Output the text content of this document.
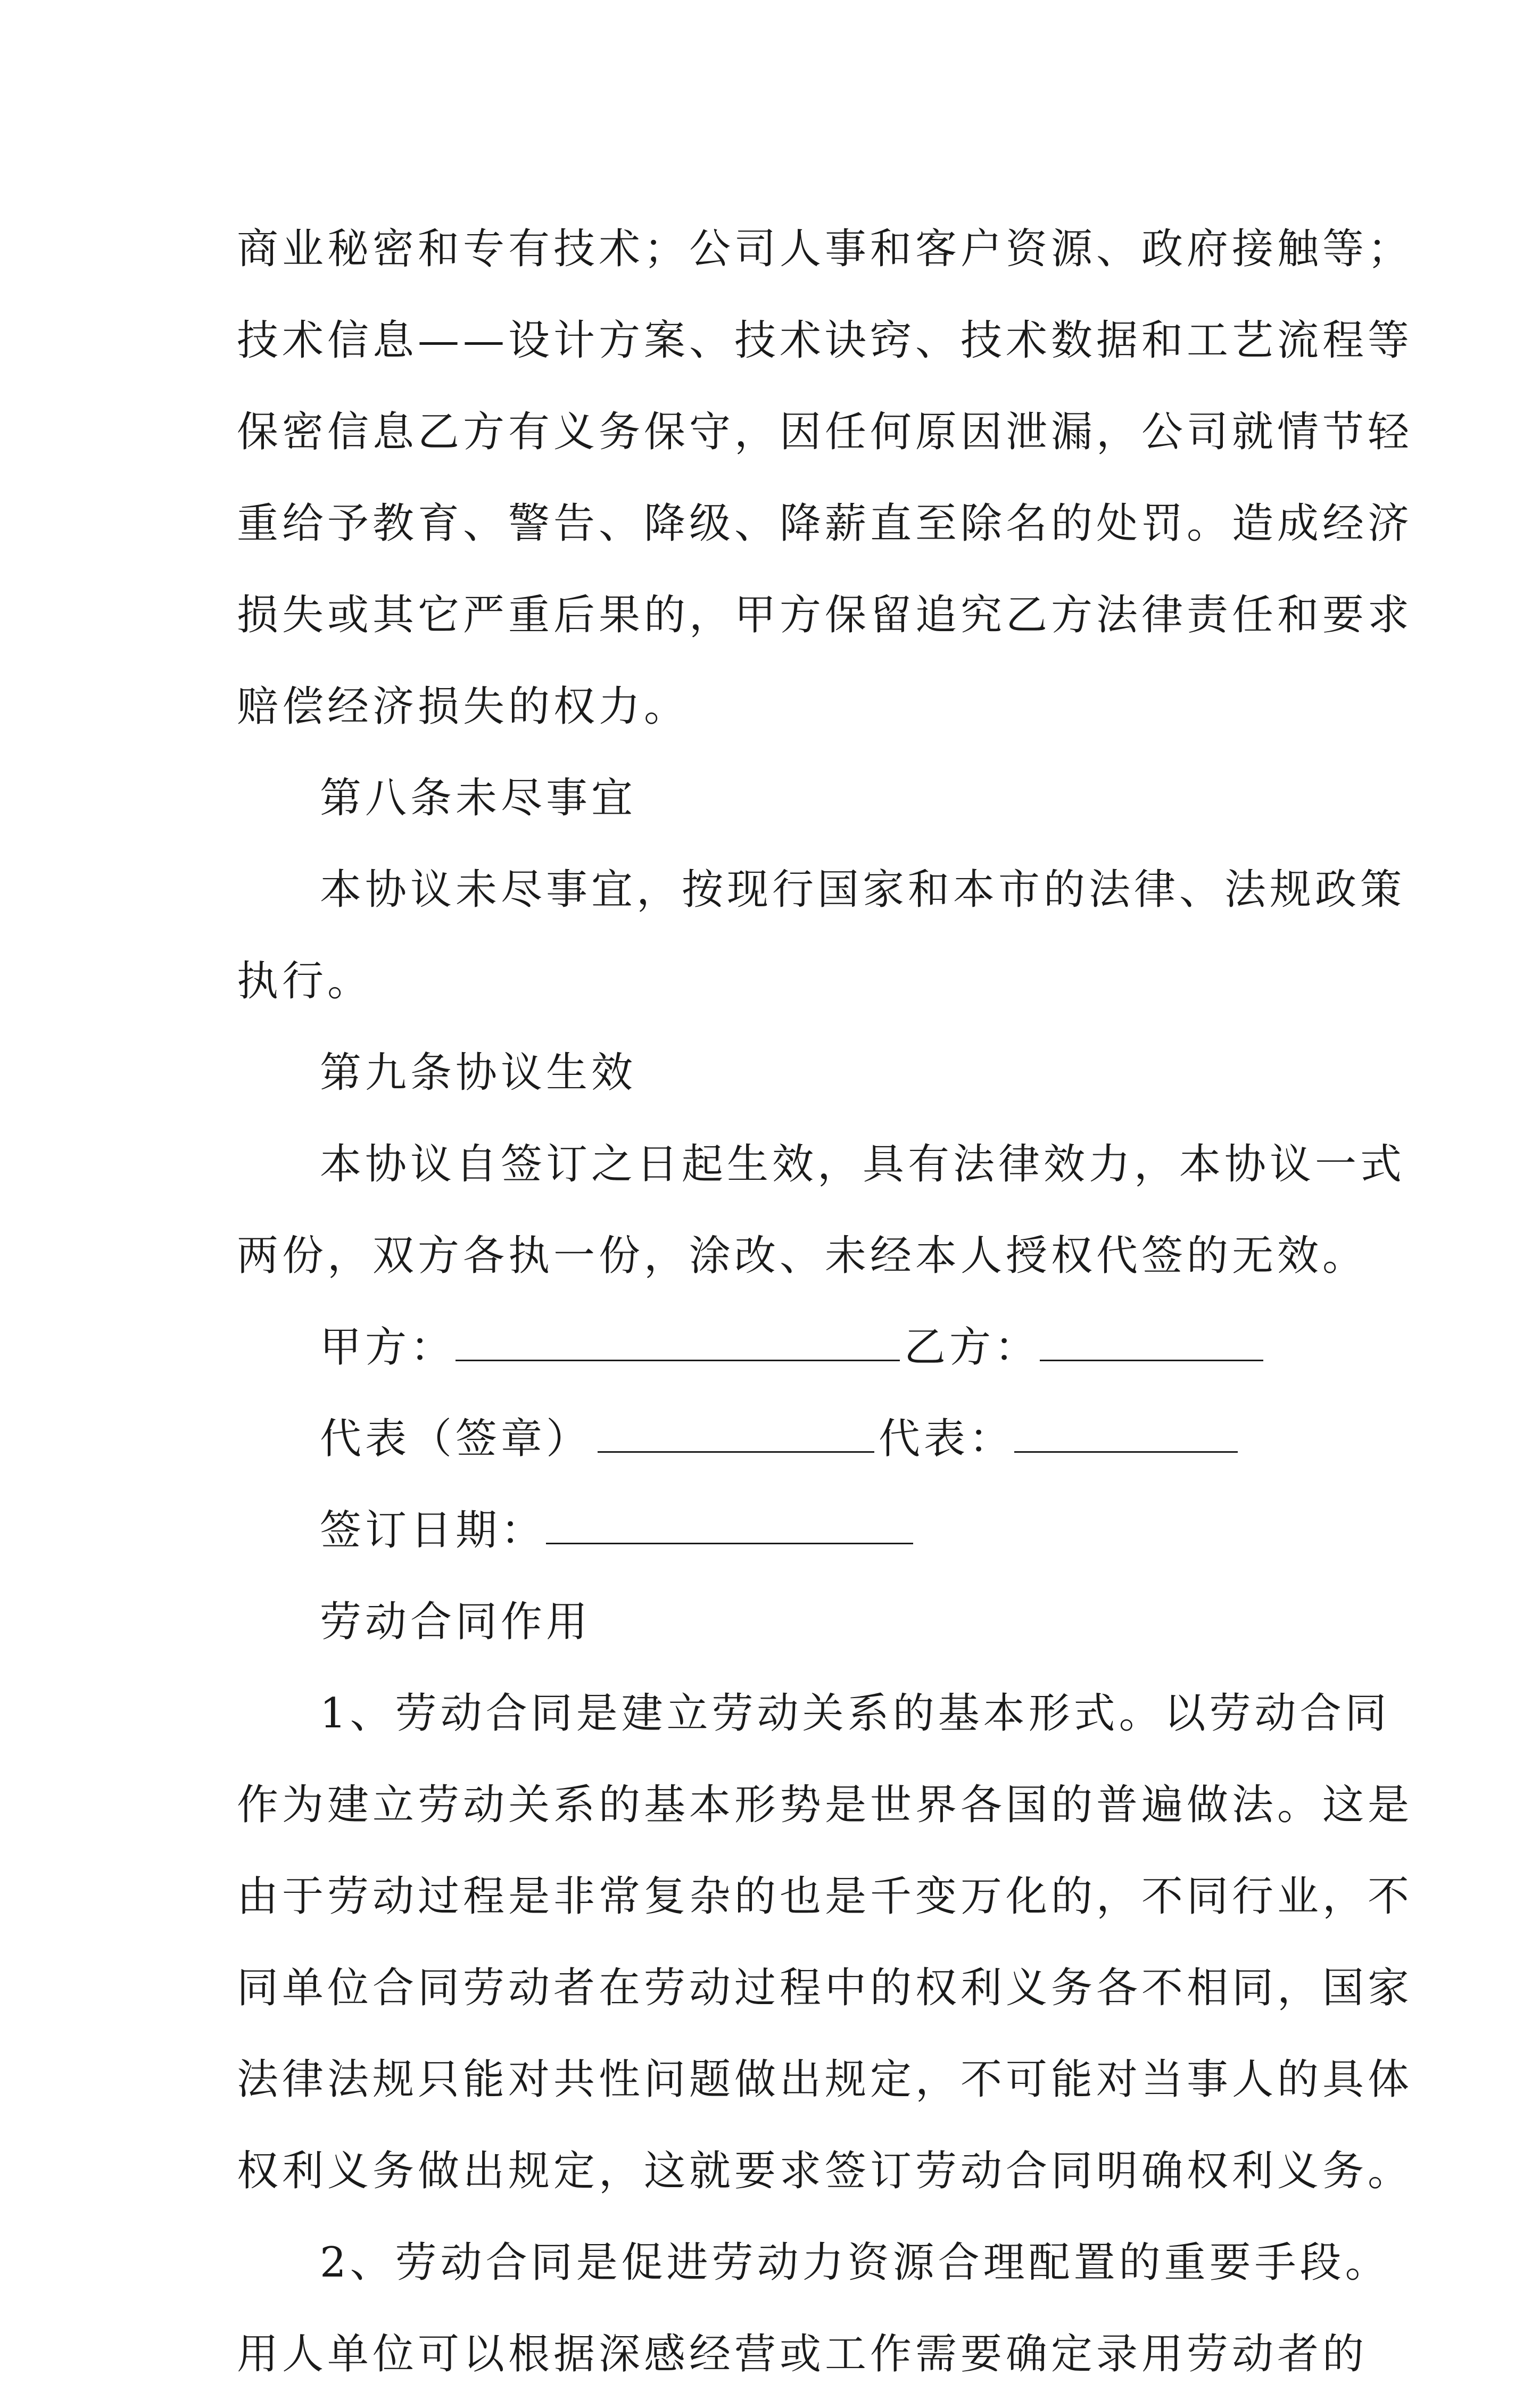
商业秘密和专有技术；公司人事和客户资源、政府接触等；
技术信息——设计方案、技术诀窍、技术数据和工艺流程等
保密信息乙方有义务保守，因任何原因泄漏，公司就情节轻
重给予教育、警告、降级、降薪直至除名的处罚。造成经济
损失或其它严重后果的，甲方保留追究乙方法律责任和要求
赔偿经济损失的权力。
第八条未尽事宜
本协议未尽事宜，按现行国家和本市的法律、法规政策
执行。
第九条协议生效
本协议自签订之日起生效，具有法律效力，本协议一式
两份，双方各执一份，涂改、未经本人授权代签的无效。
甲方：	乙方：
代表（签章）	代表：
签订日期：
劳动合同作用
1、劳动合同是建立劳动关系的基本形式。以劳动合同
作为建立劳动关系的基本形势是世界各国的普遍做法。这是
由于劳动过程是非常复杂的也是千变万化的，不同行业，不
同单位合同劳动者在劳动过程中的权利义务各不相同，国家
法律法规只能对共性问题做出规定，不可能对当事人的具体
权利义务做出规定，这就要求签订劳动合同明确权利义务。
2、劳动合同是促进劳动力资源合理配置的重要手段。
用人单位可以根据深感经营或工作需要确定录用劳动者的
